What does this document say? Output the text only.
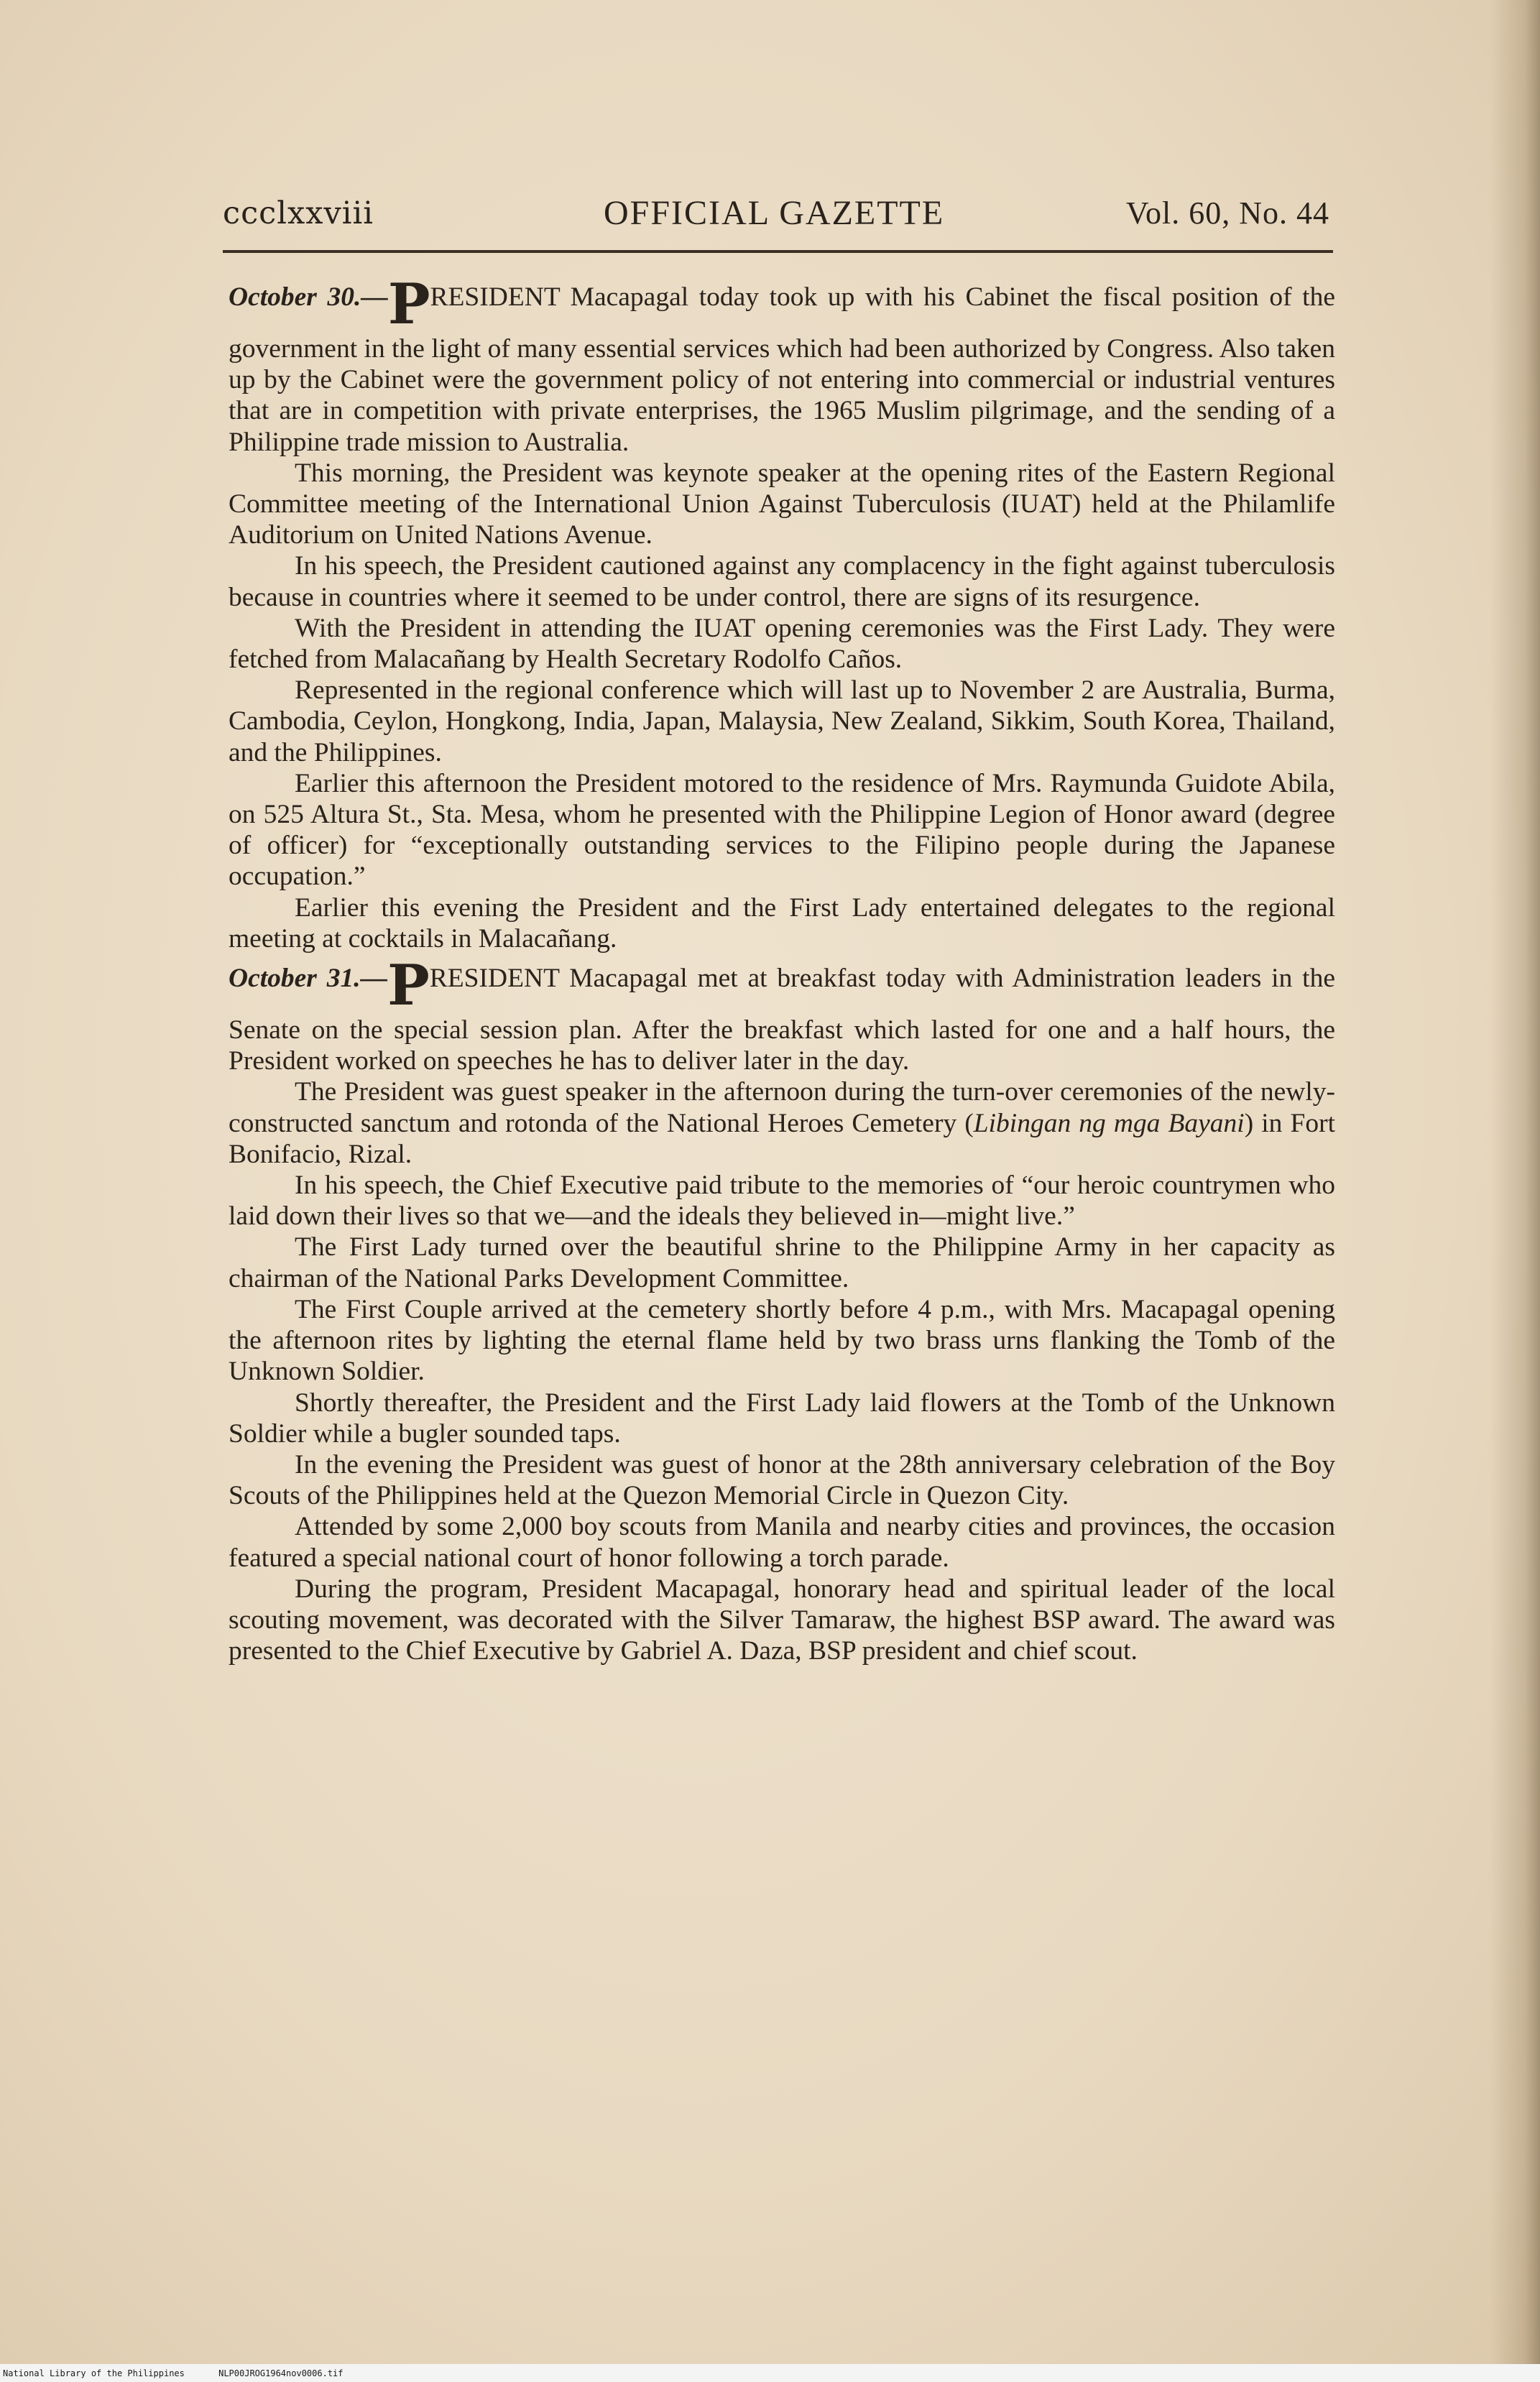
ccclxxviii	OFFICIAL GAZETTE	Vol. 60, No. 44

October 30.—PRESIDENT Macapagal today took up with his Cabinet the fiscal position of the government in the light of many essential services which had been authorized by Congress. Also taken up by the Cabinet were the government policy of not entering into commercial or industrial ventures that are in competition with private enterprises, the 1965 Muslim pilgrimage, and the sending of a Philippine trade mission to Australia.

This morning, the President was keynote speaker at the opening rites of the Eastern Regional Committee meeting of the International Union Against Tuberculosis (IUAT) held at the Philamlife Auditorium on United Nations Avenue.

In his speech, the President cautioned against any complacency in the fight against tuberculosis because in countries where it seemed to be under control, there are signs of its resurgence.

With the President in attending the IUAT opening ceremonies was the First Lady. They were fetched from Malacañang by Health Secretary Rodolfo Caños.

Represented in the regional conference which will last up to November 2 are Australia, Burma, Cambodia, Ceylon, Hongkong, India, Japan, Malaysia, New Zealand, Sikkim, South Korea, Thailand, and the Philippines.

Earlier this afternoon the President motored to the residence of Mrs. Raymunda Guidote Abila, on 525 Altura St., Sta. Mesa, whom he presented with the Philippine Legion of Honor award (degree of officer) for “exceptionally outstanding services to the Filipino people during the Japanese occupation.”

Earlier this evening the President and the First Lady entertained delegates to the regional meeting at cocktails in Malacañang.

October 31.—PRESIDENT Macapagal met at breakfast today with Administration leaders in the Senate on the special session plan. After the breakfast which lasted for one and a half hours, the President worked on speeches he has to deliver later in the day.

The President was guest speaker in the afternoon during the turn-over ceremonies of the newly-constructed sanctum and rotonda of the National Heroes Cemetery (Libingan ng mga Bayani) in Fort Bonifacio, Rizal.

In his speech, the Chief Executive paid tribute to the memories of “our heroic countrymen who laid down their lives so that we—and the ideals they believed in—might live.”

The First Lady turned over the beautiful shrine to the Philippine Army in her capacity as chairman of the National Parks Development Committee.

The First Couple arrived at the cemetery shortly before 4 p.m., with Mrs. Macapagal opening the afternoon rites by lighting the eternal flame held by two brass urns flanking the Tomb of the Unknown Soldier.

Shortly thereafter, the President and the First Lady laid flowers at the Tomb of the Unknown Soldier while a bugler sounded taps.

In the evening the President was guest of honor at the 28th anniversary celebration of the Boy Scouts of the Philippines held at the Quezon Memorial Circle in Quezon City.

Attended by some 2,000 boy scouts from Manila and nearby cities and provinces, the occasion featured a special national court of honor following a torch parade.

During the program, President Macapagal, honorary head and spiritual leader of the local scouting movement, was decorated with the Silver Tamaraw, the highest BSP award. The award was presented to the Chief Executive by Gabriel A. Daza, BSP president and chief scout.

National Library of the Philippines	NLP00JROG1964nov0006.tif
